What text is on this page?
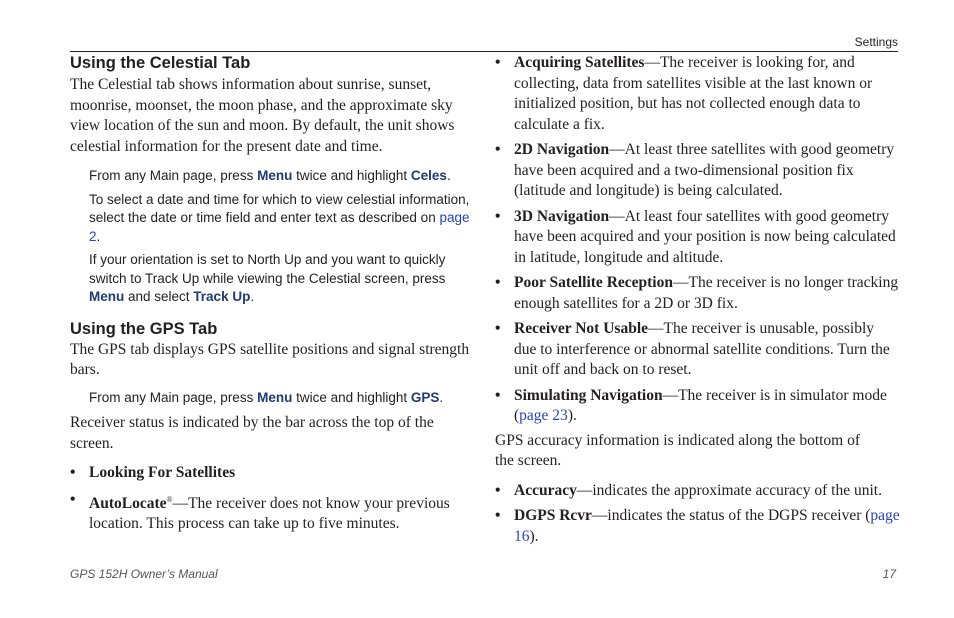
Settings
Using the Celestial Tab

The Celestial tab shows information about sunrise, sunset, moonrise, moonset, the moon phase, and the approximate sky view location of the sun and moon. By default, the unit shows celestial information for the present date and time.

From any Main page, press Menu twice and highlight Celes.

To select a date and time for which to view celestial information, select the date or time field and enter text as described on page 2.

If your orientation is set to North Up and you want to quickly switch to Track Up while viewing the Celestial screen, press Menu and select Track Up.

Using the GPS Tab

The GPS tab displays GPS satellite positions and signal strength bars.

From any Main page, press Menu twice and highlight GPS.

Receiver status is indicated by the bar across the top of the screen.

• Looking For Satellites
• AutoLocate®—The receiver does not know your previous location. This process can take up to five minutes.
• Acquiring Satellites—The receiver is looking for, and collecting, data from satellites visible at the last known or initialized position, but has not collected enough data to calculate a fix.
• 2D Navigation—At least three satellites with good geometry have been acquired and a two-dimensional position fix (latitude and longitude) is being calculated.
• 3D Navigation—At least four satellites with good geometry have been acquired and your position is now being calculated in latitude, longitude and altitude.
• Poor Satellite Reception—The receiver is no longer tracking enough satellites for a 2D or 3D fix.
• Receiver Not Usable—The receiver is unusable, possibly due to interference or abnormal satellite conditions. Turn the unit off and back on to reset.
• Simulating Navigation—The receiver is in simulator mode (page 23).

GPS accuracy information is indicated along the bottom of the screen.

• Accuracy—indicates the approximate accuracy of the unit.
• DGPS Rcvr—indicates the status of the DGPS receiver (page 16).
GPS 152H Owner’s Manual	17
